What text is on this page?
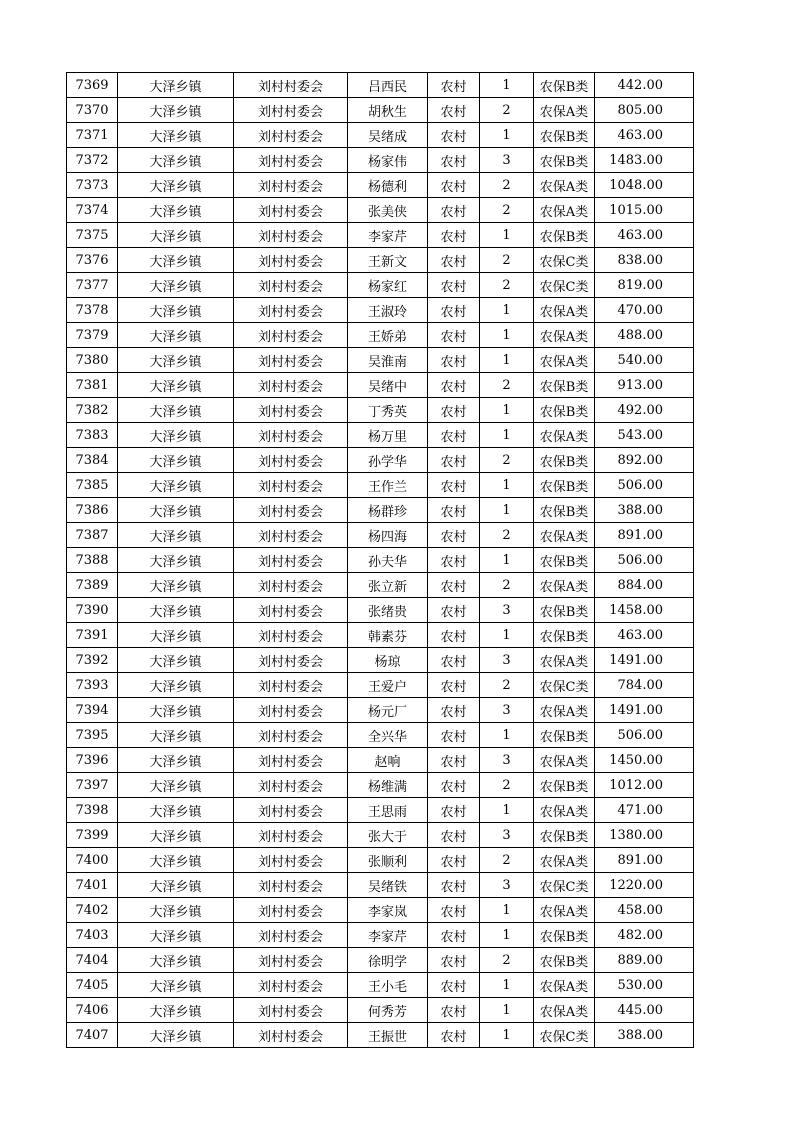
7369	大泽乡镇	刘村村委会	吕西民	农村	1	农保B类	442.00
7370	大泽乡镇	刘村村委会	胡秋生	农村	2	农保A类	805.00
7371	大泽乡镇	刘村村委会	吴绪成	农村	1	农保B类	463.00
7372	大泽乡镇	刘村村委会	杨家伟	农村	3	农保B类	1483.00
7373	大泽乡镇	刘村村委会	杨德利	农村	2	农保A类	1048.00
7374	大泽乡镇	刘村村委会	张美侠	农村	2	农保A类	1015.00
7375	大泽乡镇	刘村村委会	李家芹	农村	1	农保B类	463.00
7376	大泽乡镇	刘村村委会	王新文	农村	2	农保C类	838.00
7377	大泽乡镇	刘村村委会	杨家红	农村	2	农保C类	819.00
7378	大泽乡镇	刘村村委会	王淑玲	农村	1	农保A类	470.00
7379	大泽乡镇	刘村村委会	王娇弟	农村	1	农保A类	488.00
7380	大泽乡镇	刘村村委会	吴淮南	农村	1	农保A类	540.00
7381	大泽乡镇	刘村村委会	吴绪中	农村	2	农保B类	913.00
7382	大泽乡镇	刘村村委会	丁秀英	农村	1	农保B类	492.00
7383	大泽乡镇	刘村村委会	杨万里	农村	1	农保A类	543.00
7384	大泽乡镇	刘村村委会	孙学华	农村	2	农保B类	892.00
7385	大泽乡镇	刘村村委会	王作兰	农村	1	农保B类	506.00
7386	大泽乡镇	刘村村委会	杨群珍	农村	1	农保B类	388.00
7387	大泽乡镇	刘村村委会	杨四海	农村	2	农保A类	891.00
7388	大泽乡镇	刘村村委会	孙夫华	农村	1	农保B类	506.00
7389	大泽乡镇	刘村村委会	张立新	农村	2	农保A类	884.00
7390	大泽乡镇	刘村村委会	张绪贵	农村	3	农保B类	1458.00
7391	大泽乡镇	刘村村委会	韩素芬	农村	1	农保B类	463.00
7392	大泽乡镇	刘村村委会	杨琼	农村	3	农保A类	1491.00
7393	大泽乡镇	刘村村委会	王爱户	农村	2	农保C类	784.00
7394	大泽乡镇	刘村村委会	杨元厂	农村	3	农保A类	1491.00
7395	大泽乡镇	刘村村委会	全兴华	农村	1	农保B类	506.00
7396	大泽乡镇	刘村村委会	赵响	农村	3	农保A类	1450.00
7397	大泽乡镇	刘村村委会	杨维满	农村	2	农保B类	1012.00
7398	大泽乡镇	刘村村委会	王思雨	农村	1	农保A类	471.00
7399	大泽乡镇	刘村村委会	张大于	农村	3	农保B类	1380.00
7400	大泽乡镇	刘村村委会	张顺利	农村	2	农保A类	891.00
7401	大泽乡镇	刘村村委会	吴绪铁	农村	3	农保C类	1220.00
7402	大泽乡镇	刘村村委会	李家岚	农村	1	农保A类	458.00
7403	大泽乡镇	刘村村委会	李家芹	农村	1	农保B类	482.00
7404	大泽乡镇	刘村村委会	徐明学	农村	2	农保B类	889.00
7405	大泽乡镇	刘村村委会	王小毛	农村	1	农保A类	530.00
7406	大泽乡镇	刘村村委会	何秀芳	农村	1	农保A类	445.00
7407	大泽乡镇	刘村村委会	王振世	农村	1	农保C类	388.00
